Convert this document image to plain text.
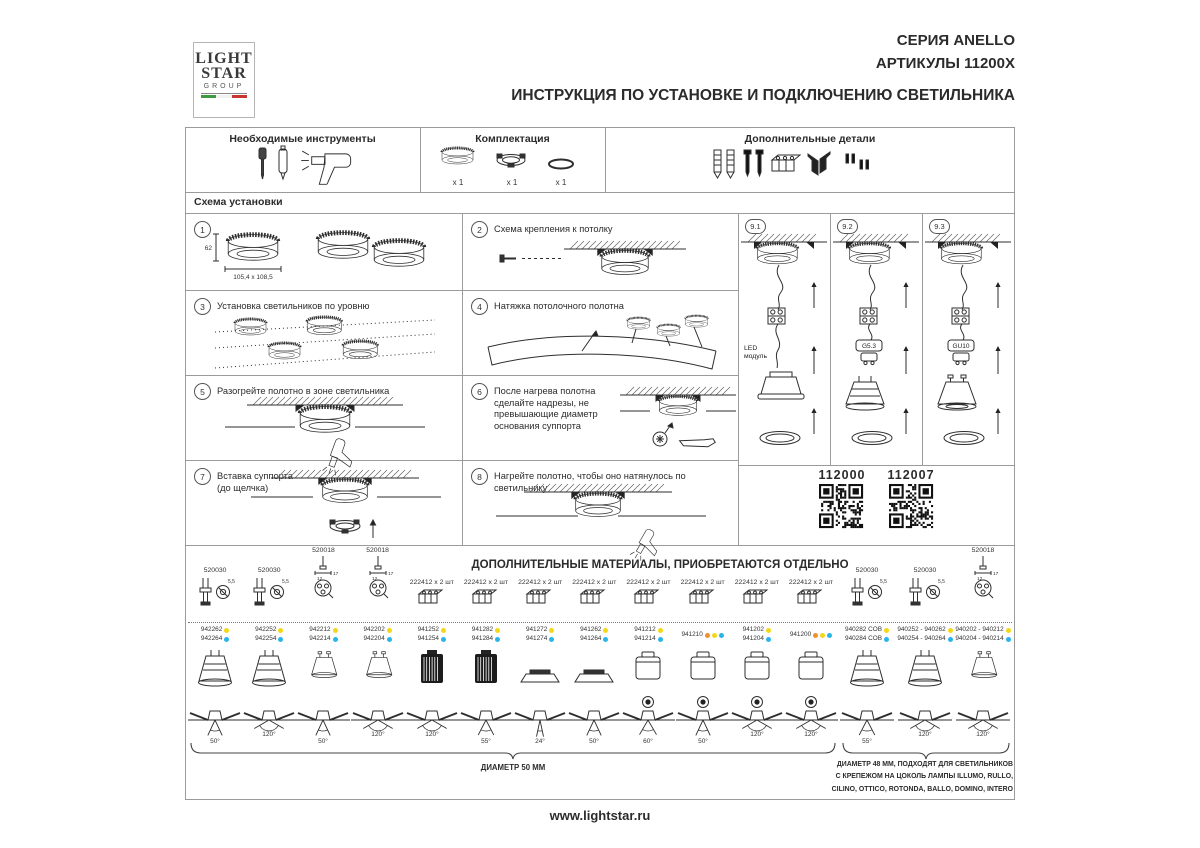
LIGHT
STAR
GROUP
СЕРИЯ ANELLO
АРТИКУЛЫ 11200X
ИНСТРУКЦИЯ ПО УСТАНОВКЕ И ПОДКЛЮЧЕНИЮ СВЕТИЛЬНИКА
Необходимые инструменты	Комплектация
x 1	x 1	x 1
Дополнительные детали
Схема установки
1
62
105,4 x 108,5
2	Схема крепления к потолку
3	Установка светильников по уровню	4	Натяжка потолочного полотна
5	Разогрейте полотно в зоне светильника	6	После нагрева полотна сделайте надрезы, не превышающие диаметр основания суппорта
7	Вставка суппорта
(до щелчка)
8	Нагрейте полотно, чтобы оно натянулось по светильнику
9.1	9.2	9.3
LED
модуль
G5.3	GU10
112000 112007
ДОПОЛНИТЕЛЬНЫЕ МАТЕРИАЛЫ, ПРИОБРЕТАЮТСЯ ОТДЕЛЬНО
520030
5,5
942262
942264
50°
520030
5,5
942252
942254
120°
520018
17
12
942212
942214
50°
520018
17
12
942202
942204
120°
222412 x 2 шт
941252
941254
120°
222412 x 2 шт
941282
941284
55°
222412 x 2 шт
941272
941274
24°
222412 x 2 шт
941262
941264
50°
222412 x 2 шт
941212
941214
60°
222412 x 2 шт
941210
50°
222412 x 2 шт
941202
941204
120°
222412 x 2 шт
941200
120°
520030
5,5
940282 COB
940284 COB
55°
520030
5,5
940252 - 940262
940254 - 940264
120°
520018
17
12
940202 - 940212
940204 - 940214
120°
ДИАМЕТР 50 ММ	ДИАМЕТР 48 ММ, ПОДХОДЯТ ДЛЯ СВЕТИЛЬНИКОВ
С КРЕПЕЖОМ НА ЦОКОЛЬ ЛАМПЫ ILLUMO, RULLO,
CILINO, OTTICO, ROTONDA, BALLO, DOMINO, INTERO
www.lightstar.ru
